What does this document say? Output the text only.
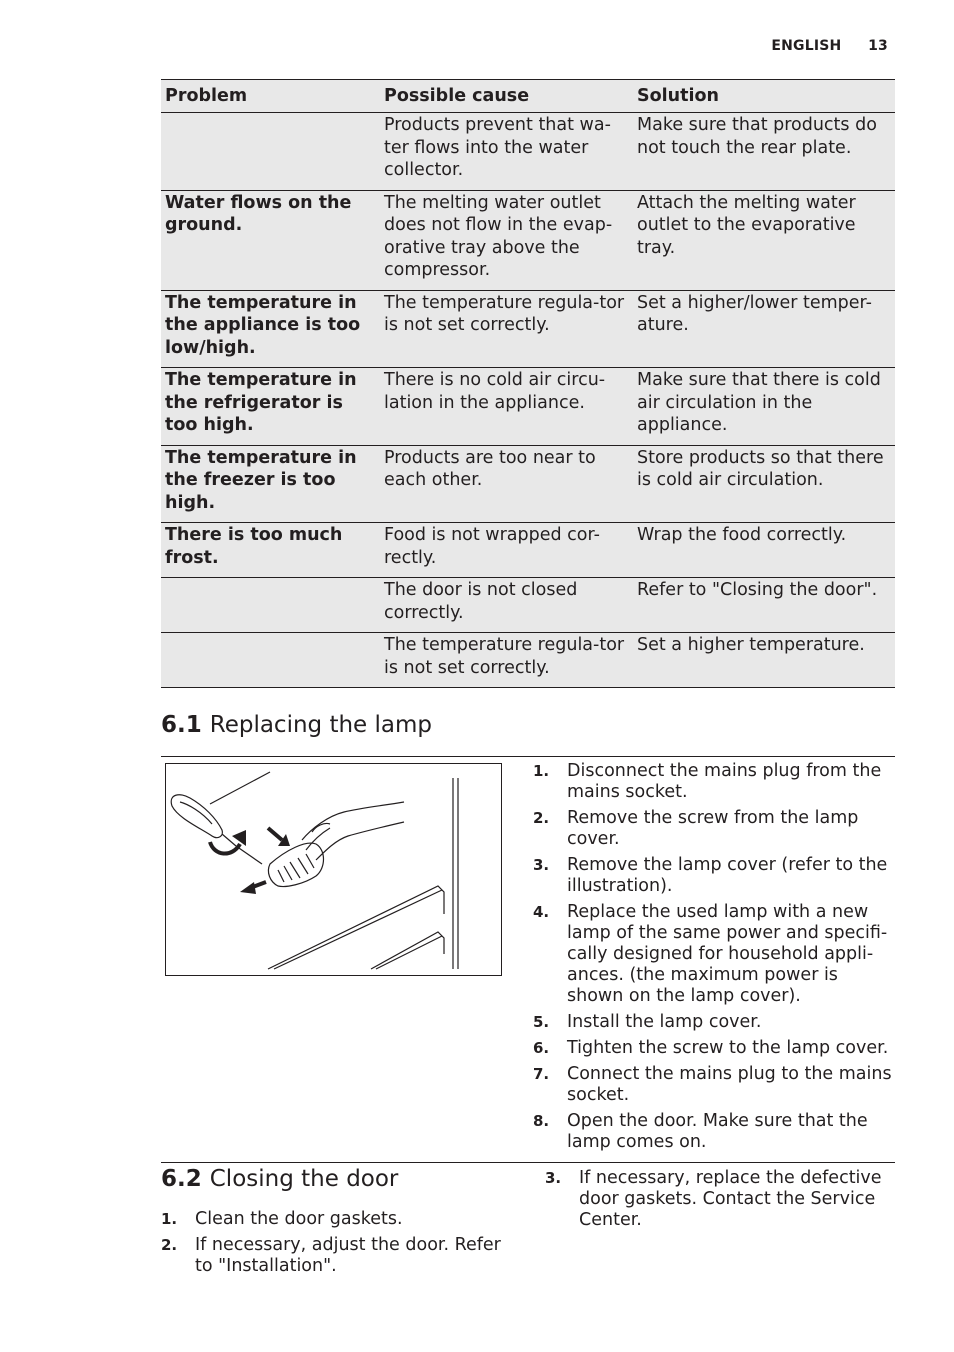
ENGLISH 13
Problem	Possible cause	Solution
	Products prevent that wa-ter flows into the water collector.	Make sure that products do not touch the rear plate.
Water flows on the ground.	The melting water outlet does not flow in the evap-orative tray above the compressor.	Attach the melting water outlet to the evaporative tray.
The temperature in the appliance is too low/high.	The temperature regula-tor is not set correctly.	Set a higher/lower temper-ature.
The temperature in the refrigerator is too high.	There is no cold air circu-lation in the appliance.	Make sure that there is cold air circulation in the appliance.
The temperature in the freezer is too high.	Products are too near to each other.	Store products so that there is cold air circulation.
There is too much frost.	Food is not wrapped cor-rectly.	Wrap the food correctly.
	The door is not closed correctly.	Refer to "Closing the door".
	The temperature regula-tor is not set correctly.	Set a higher temperature.
6.1 Replacing the lamp
1. Disconnect the mains plug from the mains socket.
2. Remove the screw from the lamp cover.
3. Remove the lamp cover (refer to the illustration).
4. Replace the used lamp with a new lamp of the same power and specifi-cally designed for household appli-ances. (the maximum power is shown on the lamp cover).
5. Install the lamp cover.
6. Tighten the screw to the lamp cover.
7. Connect the mains plug to the mains socket.
8. Open the door. Make sure that the lamp comes on.
6.2 Closing the door
1. Clean the door gaskets.
2. If necessary, adjust the door. Refer to "Installation".
3. If necessary, replace the defective door gaskets. Contact the Service Center.
